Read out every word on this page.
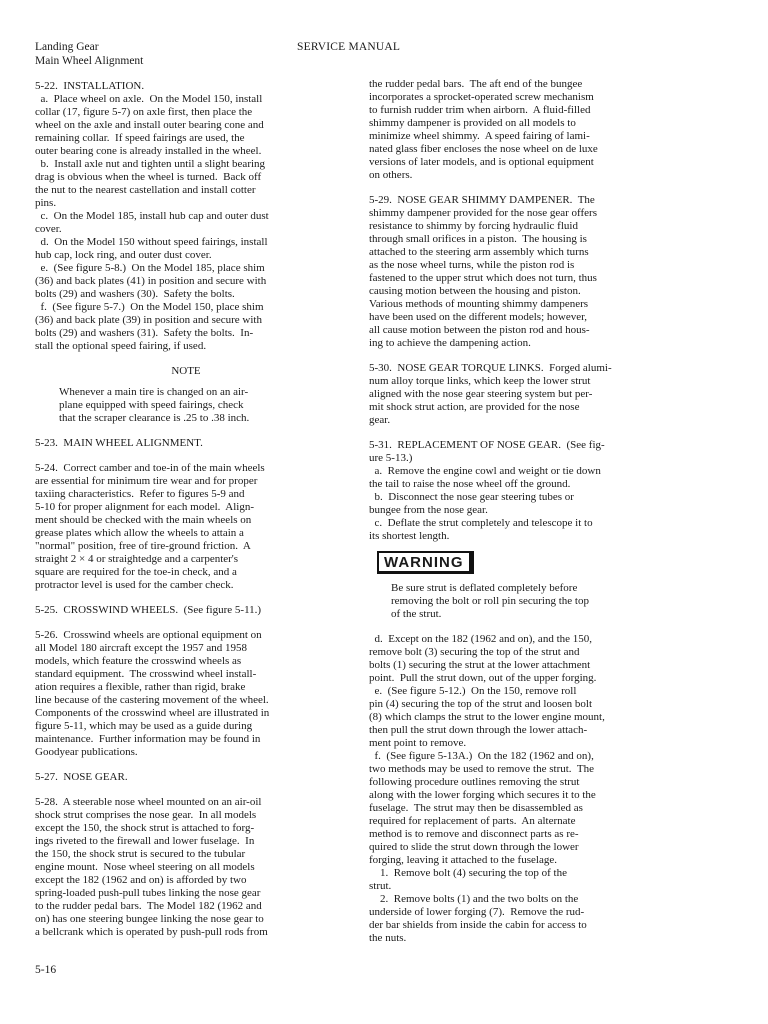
Landing Gear
Main Wheel Alignment
SERVICE MANUAL

5-22.  INSTALLATION.
a.  Place wheel on axle.  On the Model 150, install
collar (17, figure 5-7) on axle first, then place the
wheel on the axle and install outer bearing cone and
remaining collar.  If speed fairings are used, the
outer bearing cone is already installed in the wheel.
b.  Install axle nut and tighten until a slight bearing
drag is obvious when the wheel is turned.  Back off
the nut to the nearest castellation and install cotter
pins.
c.  On the Model 185, install hub cap and outer dust
cover.
d.  On the Model 150 without speed fairings, install
hub cap, lock ring, and outer dust cover.
e.  (See figure 5-8.)  On the Model 185, place shim
(36) and back plates (41) in position and secure with
bolts (29) and washers (30).  Safety the bolts.
f.  (See figure 5-7.)  On the Model 150, place shim
(36) and back plate (39) in position and secure with
bolts (29) and washers (31).  Safety the bolts.  In-
stall the optional speed fairing, if used.

NOTE

Whenever a main tire is changed on an air-
plane equipped with speed fairings, check
that the scraper clearance is .25 to .38 inch.

5-23.  MAIN WHEEL ALIGNMENT.

5-24.  Correct camber and toe-in of the main wheels
are essential for minimum tire wear and for proper
taxiing characteristics.  Refer to figures 5-9 and
5-10 for proper alignment for each model.  Align-
ment should be checked with the main wheels on
grease plates which allow the wheels to attain a
"normal" position, free of tire-ground friction.  A
straight 2 × 4 or straightedge and a carpenter's
square are required for the toe-in check, and a
protractor level is used for the camber check.

5-25.  CROSSWIND WHEELS.  (See figure 5-11.)

5-26.  Crosswind wheels are optional equipment on
all Model 180 aircraft except the 1957 and 1958
models, which feature the crosswind wheels as
standard equipment.  The crosswind wheel install-
ation requires a flexible, rather than rigid, brake
line because of the castering movement of the wheel.
Components of the crosswind wheel are illustrated in
figure 5-11, which may be used as a guide during
maintenance.  Further information may be found in
Goodyear publications.

5-27.  NOSE GEAR.

5-28.  A steerable nose wheel mounted on an air-oil
shock strut comprises the nose gear.  In all models
except the 150, the shock strut is attached to forg-
ings riveted to the firewall and lower fuselage.  In
the 150, the shock strut is secured to the tubular
engine mount.  Nose wheel steering on all models
except the 182 (1962 and on) is afforded by two
spring-loaded push-pull tubes linking the nose gear
to the rudder pedal bars.  The Model 182 (1962 and
on) has one steering bungee linking the nose gear to
a bellcrank which is operated by push-pull rods from

the rudder pedal bars.  The aft end of the bungee
incorporates a sprocket-operated screw mechanism
to furnish rudder trim when airborn.  A fluid-filled
shimmy dampener is provided on all models to
minimize wheel shimmy.  A speed fairing of lami-
nated glass fiber encloses the nose wheel on de luxe
versions of later models, and is optional equipment
on others.

5-29.  NOSE GEAR SHIMMY DAMPENER.  The
shimmy dampener provided for the nose gear offers
resistance to shimmy by forcing hydraulic fluid
through small orifices in a piston.  The housing is
attached to the steering arm assembly which turns
as the nose wheel turns, while the piston rod is
fastened to the upper strut which does not turn, thus
causing motion between the housing and piston.
Various methods of mounting shimmy dampeners
have been used on the different models; however,
all cause motion between the piston rod and hous-
ing to achieve the dampening action.

5-30.  NOSE GEAR TORQUE LINKS.  Forged alumi-
num alloy torque links, which keep the lower strut
aligned with the nose gear steering system but per-
mit shock strut action, are provided for the nose
gear.

5-31.  REPLACEMENT OF NOSE GEAR.  (See fig-
ure 5-13.)
a.  Remove the engine cowl and weight or tie down
the tail to raise the nose wheel off the ground.
b.  Disconnect the nose gear steering tubes or
bungee from the nose gear.
c.  Deflate the strut completely and telescope it to
its shortest length.

WARNING

Be sure strut is deflated completely before
removing the bolt or roll pin securing the top
of the strut.

d.  Except on the 182 (1962 and on), and the 150,
remove bolt (3) securing the top of the strut and
bolts (1) securing the strut at the lower attachment
point.  Pull the strut down, out of the upper forging.
e.  (See figure 5-12.)  On the 150, remove roll
pin (4) securing the top of the strut and loosen bolt
(8) which clamps the strut to the lower engine mount,
then pull the strut down through the lower attach-
ment point to remove.
f.  (See figure 5-13A.)  On the 182 (1962 and on),
two methods may be used to remove the strut.  The
following procedure outlines removing the strut
along with the lower forging which secures it to the
fuselage.  The strut may then be disassembled as
required for replacement of parts.  An alternate
method is to remove and disconnect parts as re-
quired to slide the strut down through the lower
forging, leaving it attached to the fuselage.
1.  Remove bolt (4) securing the top of the
strut.
2.  Remove bolts (1) and the two bolts on the
underside of lower forging (7).  Remove the rud-
der bar shields from inside the cabin for access to
the nuts.

5-16
